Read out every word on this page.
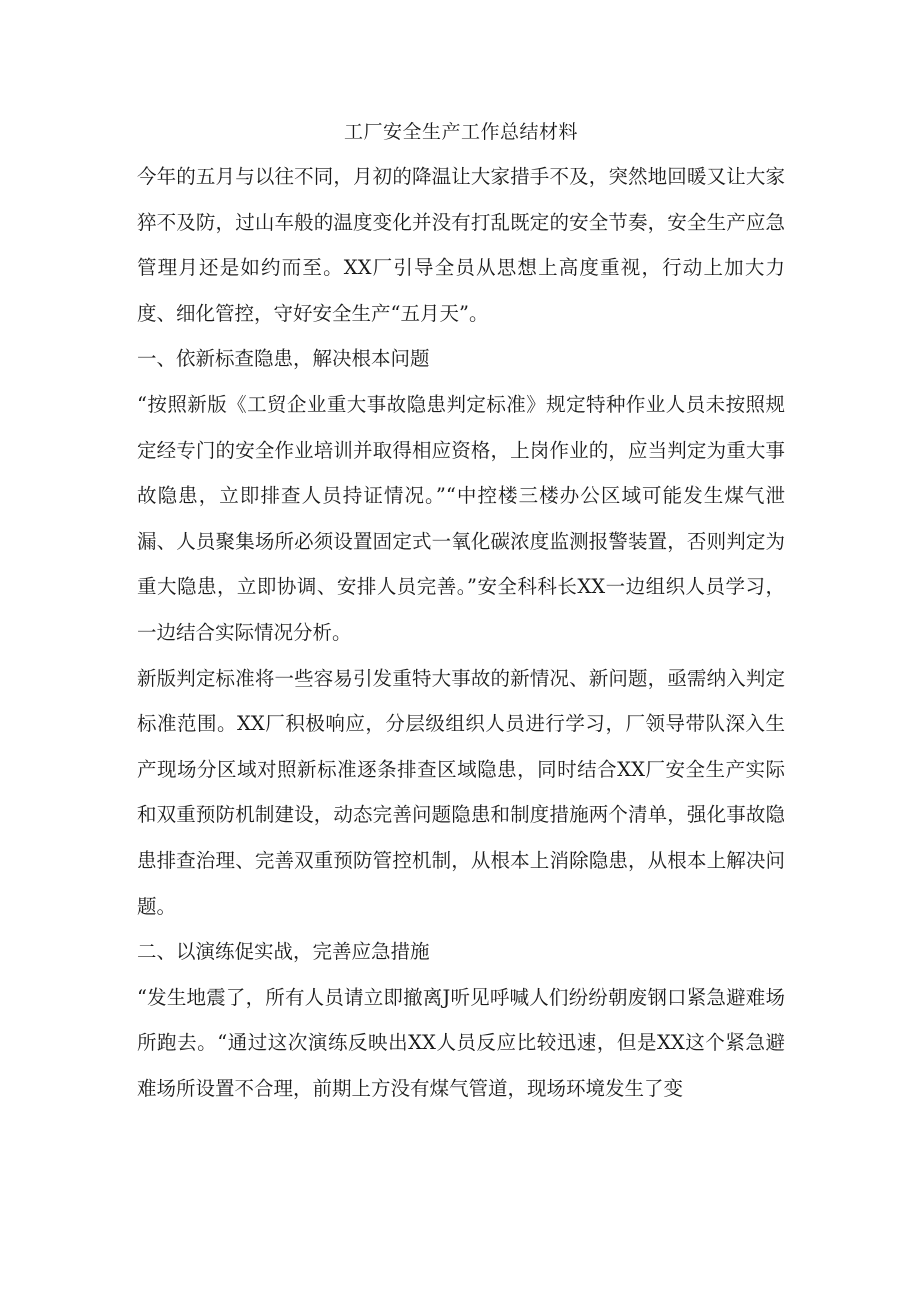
工厂安全生产工作总结材料

今年的五月与以往不同，月初的降温让大家措手不及，突然地回暖又让大家猝不及防，过山车般的温度变化并没有打乱既定的安全节奏，安全生产应急管理月还是如约而至。XX厂引导全员从思想上高度重视，行动上加大力度、细化管控，守好安全生产“五月天”。

一、依新标查隐患，解决根本问题

“按照新版《工贸企业重大事故隐患判定标准》规定特种作业人员未按照规定经专门的安全作业培训并取得相应资格，上岗作业的，应当判定为重大事故隐患，立即排查人员持证情况。”“中控楼三楼办公区域可能发生煤气泄漏、人员聚集场所必须设置固定式一氧化碳浓度监测报警装置，否则判定为重大隐患，立即协调、安排人员完善。”安全科科长XX一边组织人员学习，一边结合实际情况分析。

新版判定标准将一些容易引发重特大事故的新情况、新问题，亟需纳入判定标准范围。XX厂积极响应，分层级组织人员进行学习，厂领导带队深入生产现场分区域对照新标准逐条排查区域隐患，同时结合XX厂安全生产实际和双重预防机制建设，动态完善问题隐患和制度措施两个清单，强化事故隐患排查治理、完善双重预防管控机制，从根本上消除隐患，从根本上解决问题。

二、以演练促实战，完善应急措施

“发生地震了，所有人员请立即撤离J听见呼喊人们纷纷朝废钢口紧急避难场所跑去。“通过这次演练反映出XX人员反应比较迅速，但是XX这个紧急避难场所设置不合理，前期上方没有煤气管道，现场环境发生了变
